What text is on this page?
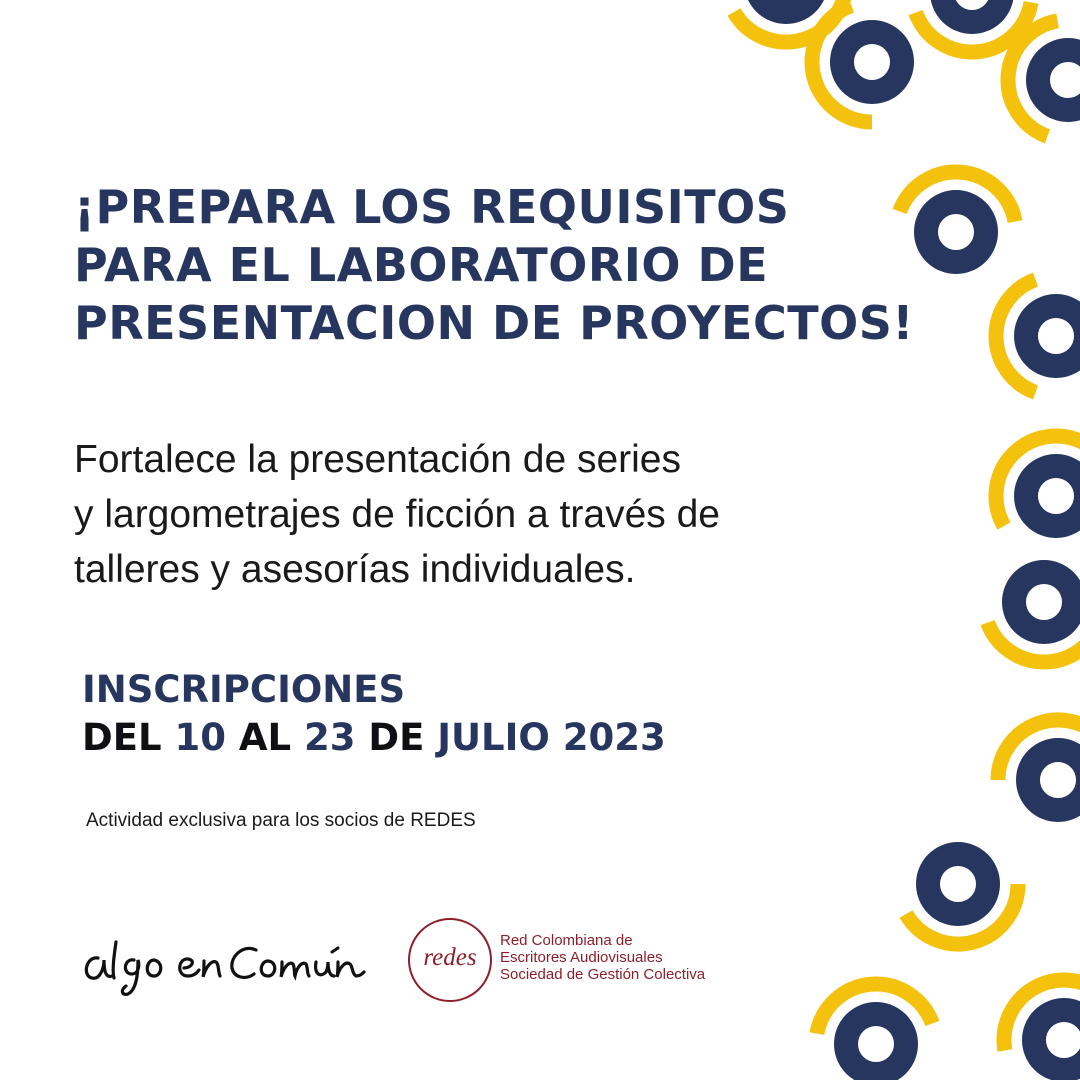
¡PREPARA LOS REQUISITOS
PARA EL LABORATORIO DE
PRESENTACION DE PROYECTOS!

Fortalece la presentación de series
y largometrajes de ficción a través de
talleres y asesorías individuales.

INSCRIPCIONES
DEL 10 AL 23 DE JULIO 2023

Actividad exclusiva para los socios de REDES

redes
Red Colombiana de
Escritores Audiovisuales
Sociedad de Gestión Colectiva
